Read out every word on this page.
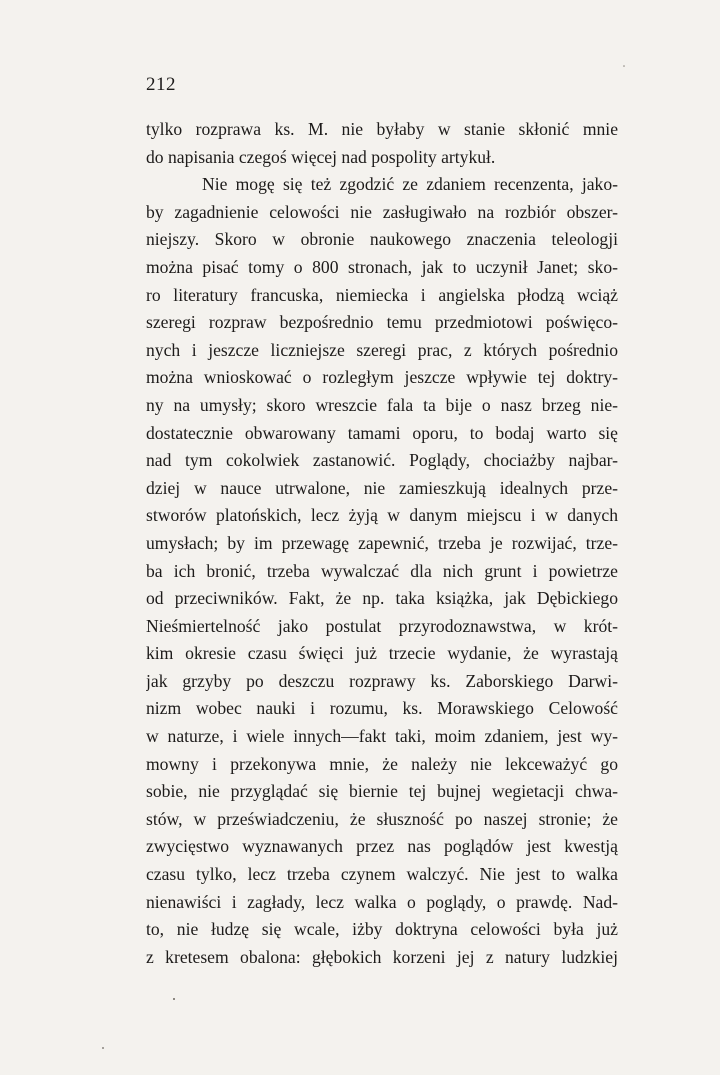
212
tylko rozprawa ks. M. nie byłaby w stanie skłonić mnie
do napisania czegoś więcej nad pospolity artykuł.
Nie mogę się też zgodzić ze zdaniem recenzenta, jako-
by zagadnienie celowości nie zasługiwało na rozbiór obszer-
niejszy. Skoro w obronie naukowego znaczenia teleologji
można pisać tomy o 800 stronach, jak to uczynił Janet; sko-
ro literatury francuska, niemiecka i angielska płodzą wciąż
szeregi rozpraw bezpośrednio temu przedmiotowi poświęco-
nych i jeszcze liczniejsze szeregi prac, z których pośrednio
można wnioskować o rozległym jeszcze wpływie tej doktry-
ny na umysły; skoro wreszcie fala ta bije o nasz brzeg nie-
dostatecznie obwarowany tamami oporu, to bodaj warto się
nad tym cokolwiek zastanowić. Poglądy, chociażby najbar-
dziej w nauce utrwalone, nie zamieszkują idealnych prze-
stworów platońskich, lecz żyją w danym miejscu i w danych
umysłach; by im przewagę zapewnić, trzeba je rozwijać, trze-
ba ich bronić, trzeba wywalczać dla nich grunt i powietrze
od przeciwników. Fakt, że np. taka książka, jak Dębickiego
Nieśmiertelność jako postulat przyrodoznawstwa, w krót-
kim okresie czasu święci już trzecie wydanie, że wyrastają
jak grzyby po deszczu rozprawy ks. Zaborskiego Darwi-
nizm wobec nauki i rozumu, ks. Morawskiego Celowość
w naturze, i wiele innych—fakt taki, moim zdaniem, jest wy-
mowny i przekonywa mnie, że należy nie lekceważyć go
sobie, nie przyglądać się biernie tej bujnej wegietacji chwa-
stów, w przeświadczeniu, że słuszność po naszej stronie; że
zwycięstwo wyznawanych przez nas poglądów jest kwestją
czasu tylko, lecz trzeba czynem walczyć. Nie jest to walka
nienawiści i zagłady, lecz walka o poglądy, o prawdę. Nad-
to, nie łudzę się wcale, iżby doktryna celowości była już
z kretesem obalona: głębokich korzeni jej z natury ludzkiej
